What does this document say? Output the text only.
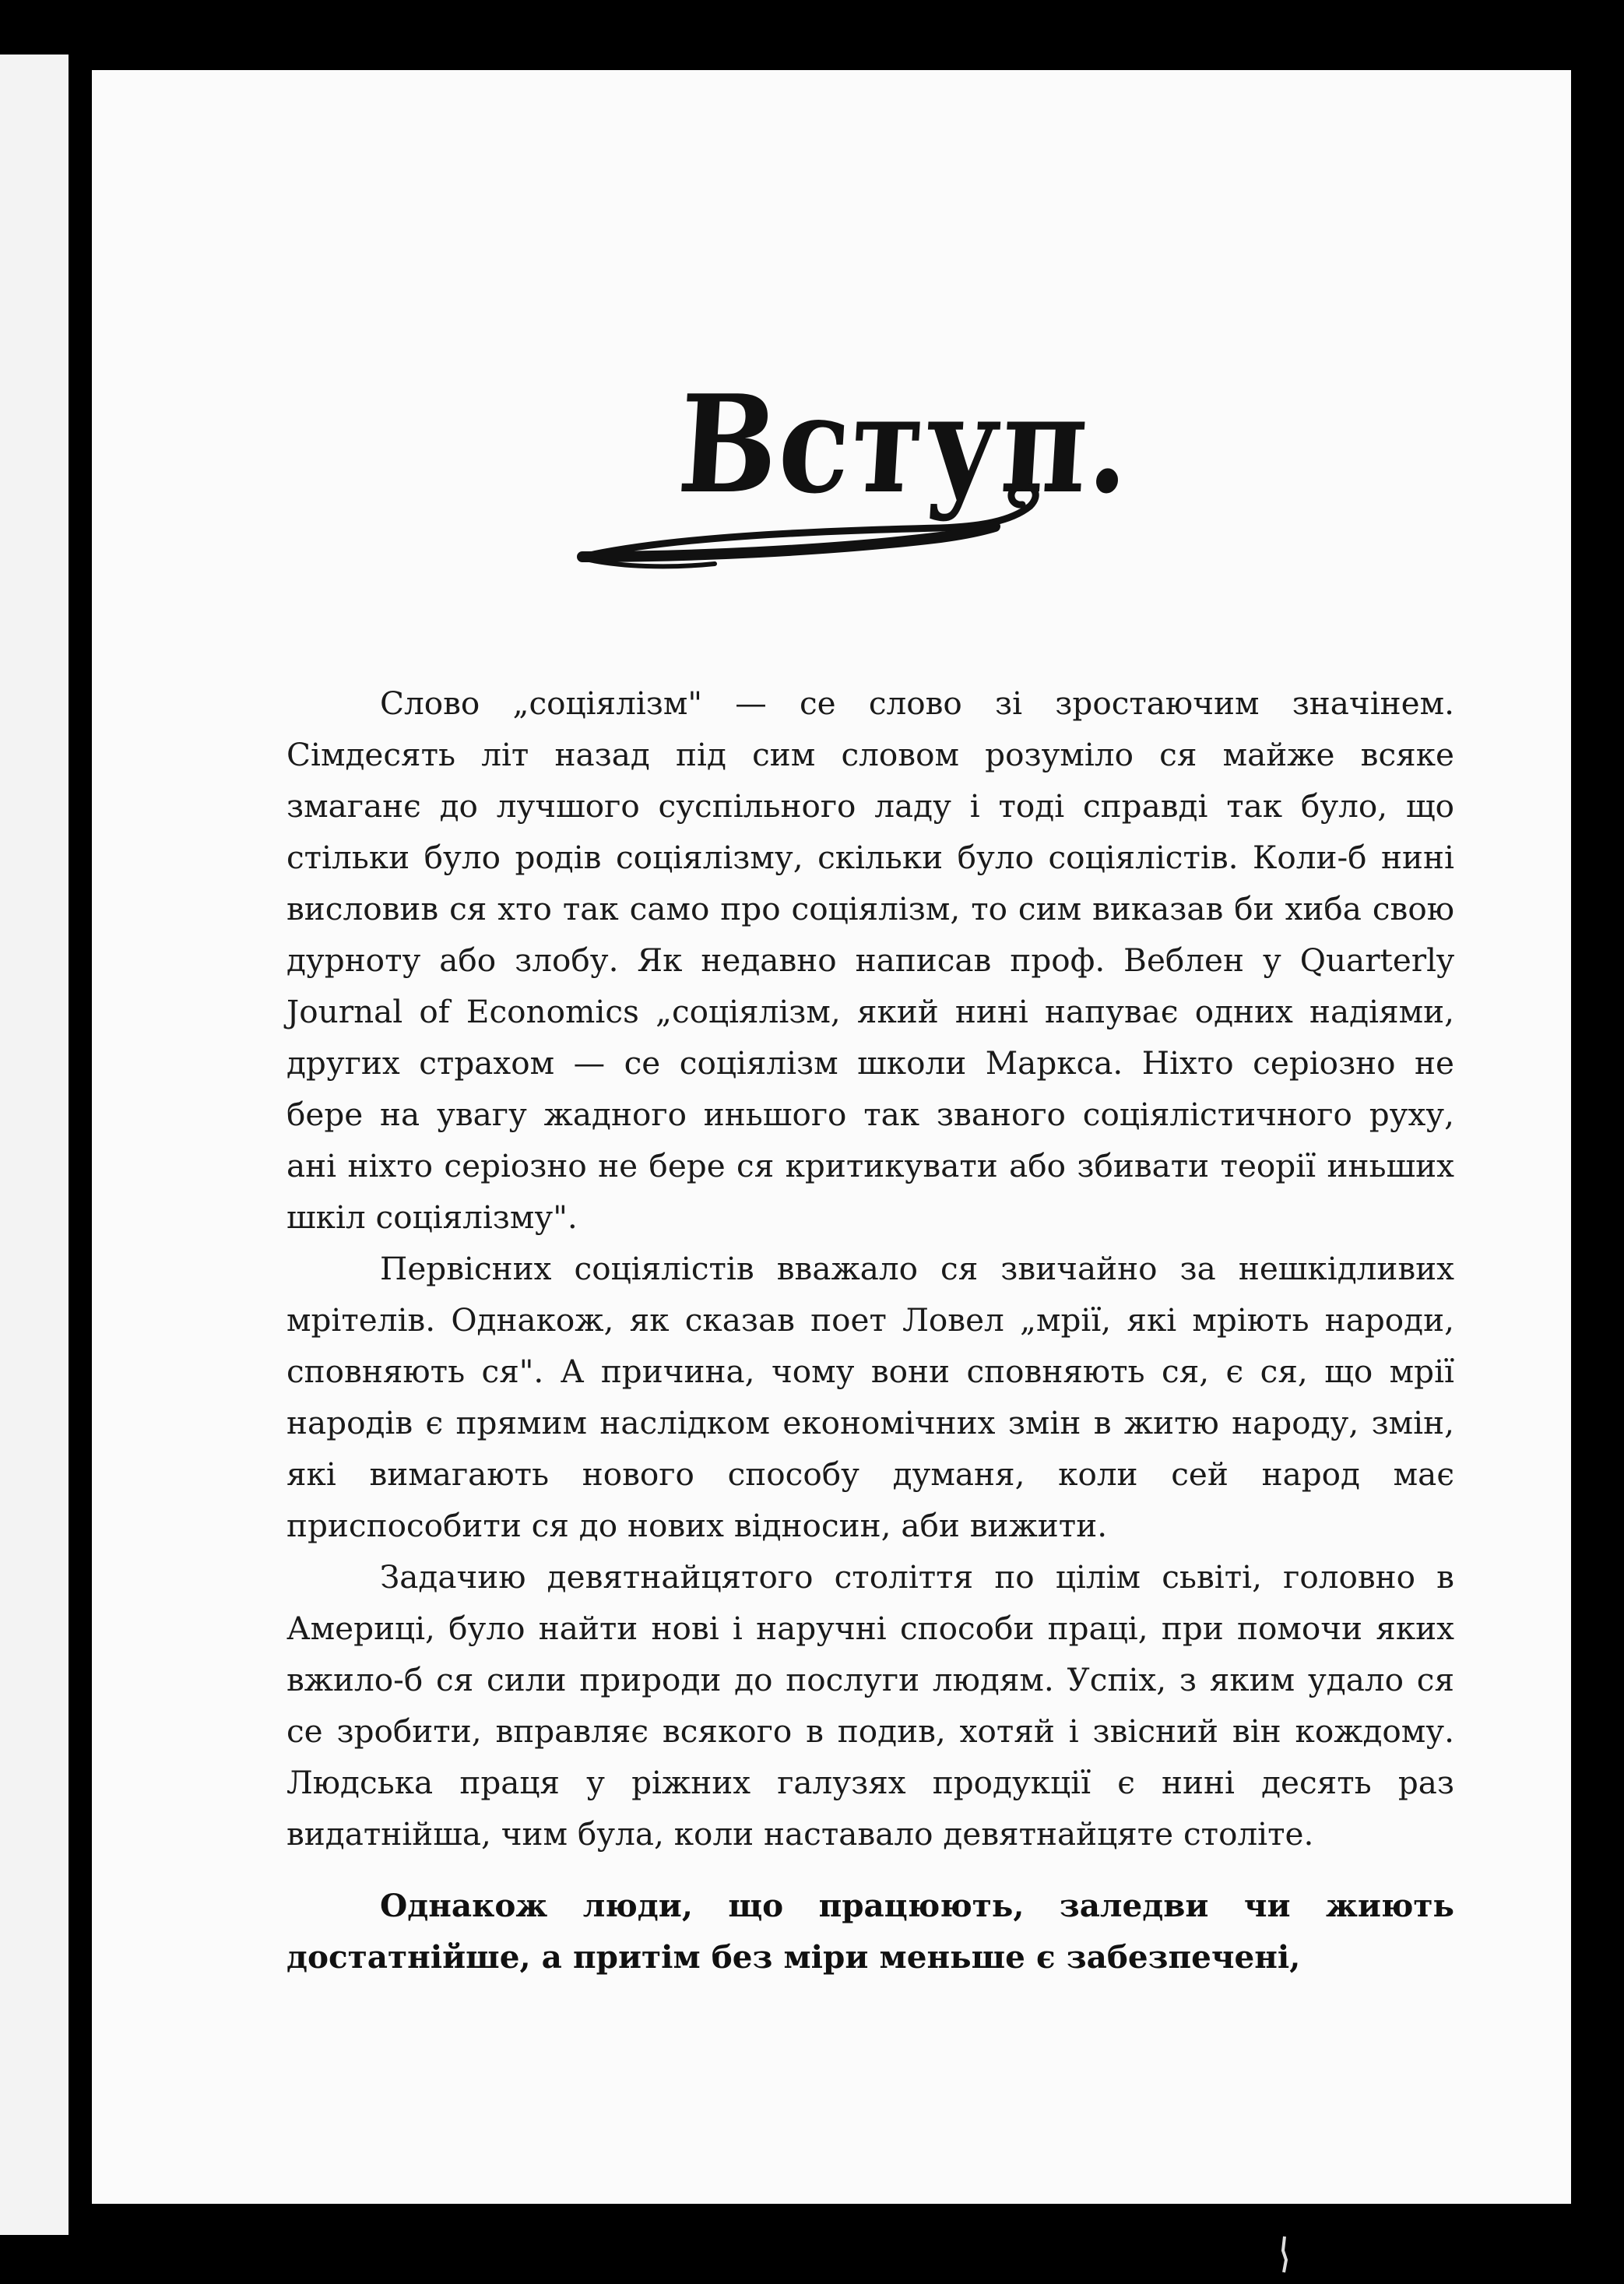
Вступ.

Слово „соціялізм" — се слово зі зростаючим значінем. Сімдесять літ назад під сим словом розуміло ся майже всяке змаганє до лучшого суспільного ладу і тоді справді так було, що стільки було родів соціялізму, скільки було соціялістів. Коли-б нині висловив ся хто так само про соціялізм, то сим виказав би хиба свою дурноту або злобу. Як недавно написав проф. Веблен у Quarterly Journal of Economics „соціялізм, який нині напуває одних надіями, других страхом — се соціялізм школи Маркса. Ніхто серіозно не бере на увагу жадного иньшого так званого соціялістичного руху, ані ніхто серіозно не бере ся критикувати або збивати теорії иньших шкіл соціялізму".

Первісних соціялістів вважало ся звичайно за нешкідливих мрітелів. Однакож, як сказав поет Ловел „мрії, які мріють народи, сповняють ся". А причина, чому вони сповняють ся, є ся, що мрії народів є прямим наслідком економічних змін в житю народу, змін, які вимагають нового способу думаня, коли сей народ має приспособити ся до нових відносин, аби вижити.

Задачию девятнайцятого століття по цілім сьвіті, головно в Америці, було найти нові і наручні способи праці, при помочи яких вжило-б ся сили природи до послуги людям. Успіх, з яким удало ся се зробити, вправляє всякого в подив, хотяй і звісний він кождому. Людська праця у ріжних галузях продукції є нині десять раз видатнійша, чим була, коли наставало девятнайцяте століте.

Однакож люди, що працюють, заледви чи жиють достатнійше, а притім без міри меньше є забезпечені,
